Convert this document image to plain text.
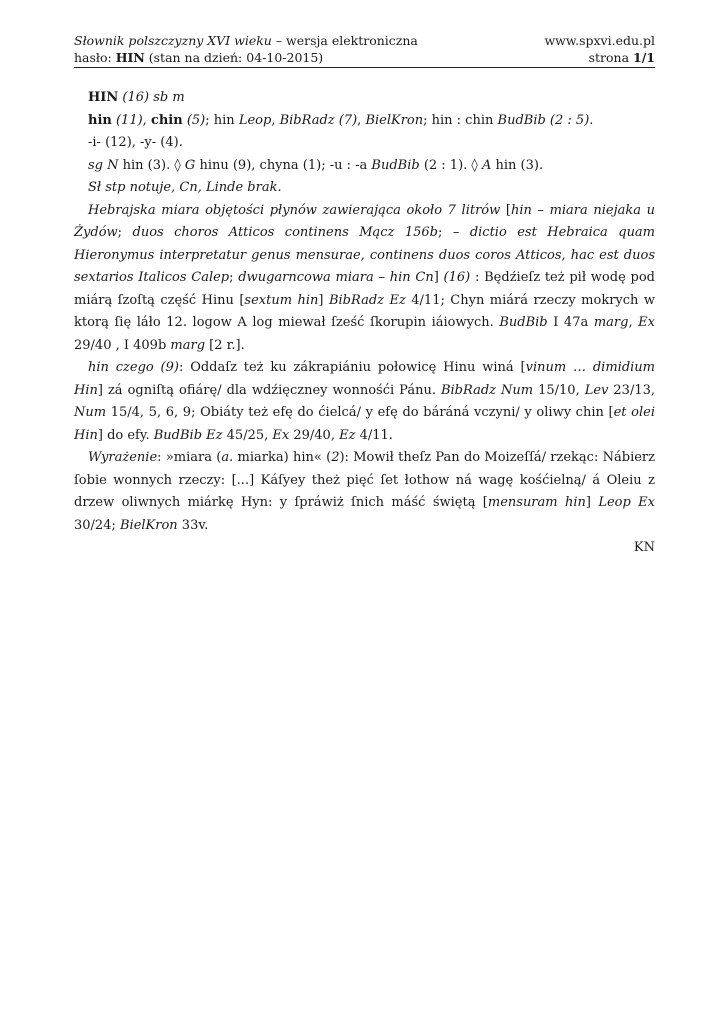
Słownik polszczyzny XVI wieku – wersja elektroniczna	www.spxvi.edu.pl
hasło: HIN (stan na dzień: 04-10-2015)	strona 1/1

HIN (16) sb m

hin (11), chin (5); hin Leop, BibRadz (7), BielKron; hin : chin BudBib (2 : 5).

-i- (12), -y- (4).

sg N hin (3). ◊ G hinu (9), chyna (1); -u : -a BudBib (2 : 1). ◊ A hin (3).

Sł stp notuje, Cn, Linde brak.

Hebrajska miara objętości płynów zawierająca około 7 litrów [hin – miara niejaka u Żydów; duos choros Atticos continens Mącz 156b; – dictio est Hebraica quam Hieronymus interpretatur genus mensurae, continens duos coros Atticos, hac est duos sextarios Italicos Calep; dwugarncowa miara – hin Cn] (16) : Będźieſz też pił wodę pod miárą ſzoſtą część Hinu [sextum hin] BibRadz Ez 4/11; Chyn miárá rzeczy mokrych w ktorą ſię láło 12. logow A log miewał ſześć ſkorupin iáiowych. BudBib I 47a marg, Ex 29/40 , I 409b marg [2 r.].

hin czego (9): Oddaſz też ku zákrapiániu połowicę Hinu winá [vinum … dimidium Hin] zá ogniſtą ofiárę/ dla wdźięczney wonnośći Pánu. BibRadz Num 15/10, Lev 23/13, Num 15/4, 5, 6, 9; Obiáty też efę do ćielcá/ y efę do báráná vczyni/ y oliwy chin [et olei Hin] do efy. BudBib Ez 45/25, Ex 29/40, Ez 4/11.

Wyrażenie: »miara (a. miarka) hin« (2): Mowił theſz Pan do Moizeſſá/ rzekąc: Nábierz ſobie wonnych rzeczy: [...] Káſyey theż pięć ſet łothow ná wagę kośćielną/ á Oleiu z drzew oliwnych miárkę Hyn: y ſpráwiż ſnich máść świętą [mensuram hin] Leop Ex 30/24; BielKron 33v.

KN
